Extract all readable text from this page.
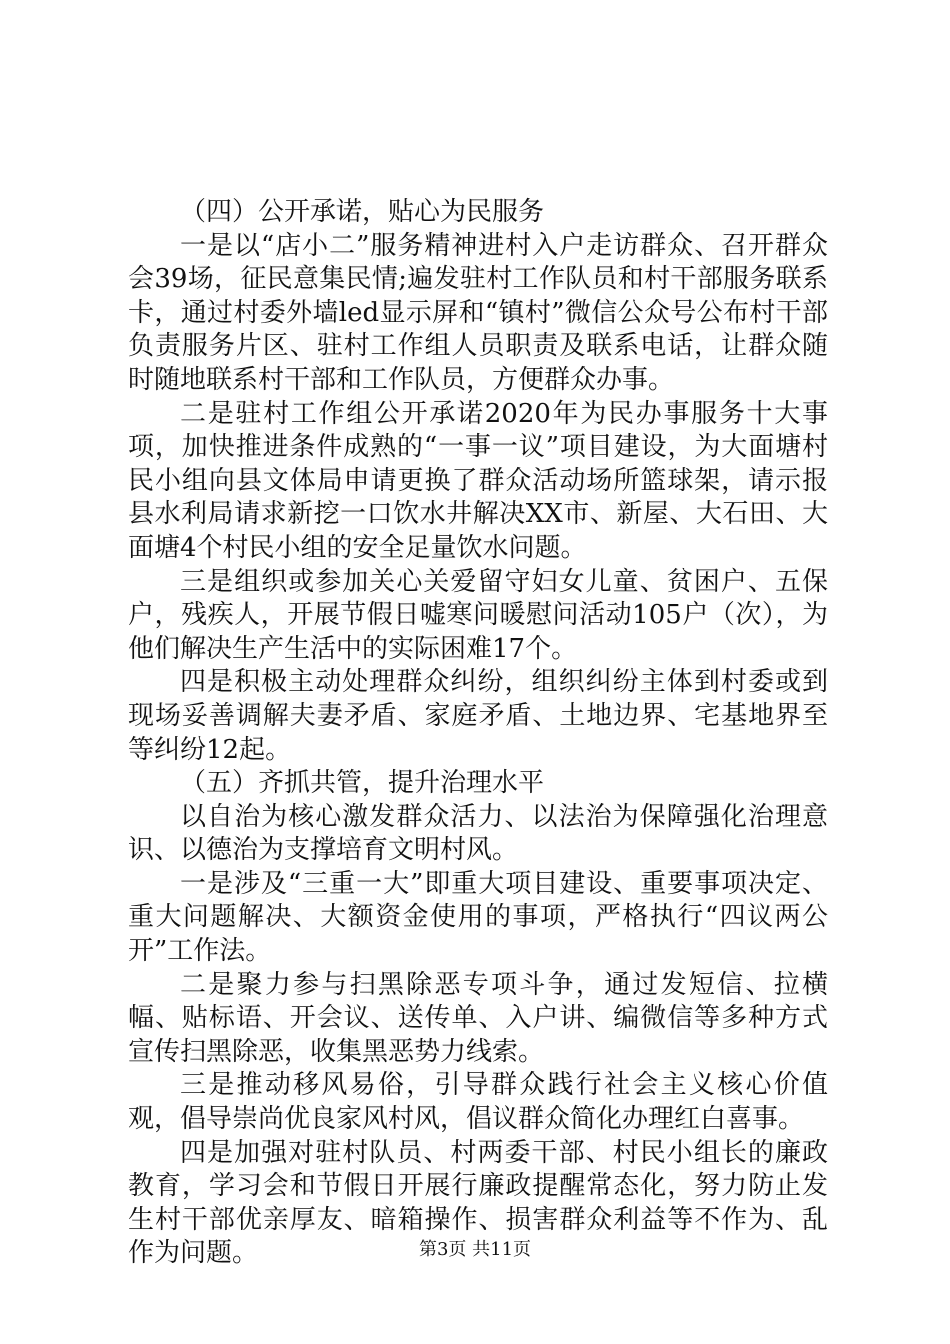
（四）公开承诺，贴心为民服务

一是以“店小二”服务精神进村入户走访群众、召开群众会39场，征民意集民情;遍发驻村工作队员和村干部服务联系卡，通过村委外墙led显示屏和“镇村”微信公众号公布村干部负责服务片区、驻村工作组人员职责及联系电话，让群众随时随地联系村干部和工作队员，方便群众办事。

二是驻村工作组公开承诺2020年为民办事服务十大事项，加快推进条件成熟的“一事一议”项目建设，为大面塘村民小组向县文体局申请更换了群众活动场所篮球架，请示报县水利局请求新挖一口饮水井解决XX市、新屋、大石田、大面塘4个村民小组的安全足量饮水问题。

三是组织或参加关心关爱留守妇女儿童、贫困户、五保户，残疾人，开展节假日嘘寒问暖慰问活动105户（次），为他们解决生产生活中的实际困难17个。

四是积极主动处理群众纠纷，组织纠纷主体到村委或到现场妥善调解夫妻矛盾、家庭矛盾、土地边界、宅基地界至等纠纷12起。

（五）齐抓共管，提升治理水平

以自治为核心激发群众活力、以法治为保障强化治理意识、以德治为支撑培育文明村风。

一是涉及“三重一大”即重大项目建设、重要事项决定、重大问题解决、大额资金使用的事项，严格执行“四议两公开”工作法。

二是聚力参与扫黑除恶专项斗争，通过发短信、拉横幅、贴标语、开会议、送传单、入户讲、编微信等多种方式宣传扫黑除恶，收集黑恶势力线索。

三是推动移风易俗，引导群众践行社会主义核心价值观，倡导崇尚优良家风村风，倡议群众简化办理红白喜事。

四是加强对驻村队员、村两委干部、村民小组长的廉政教育，学习会和节假日开展行廉政提醒常态化，努力防止发生村干部优亲厚友、暗箱操作、损害群众利益等不作为、乱作为问题。	第3页 共11页
